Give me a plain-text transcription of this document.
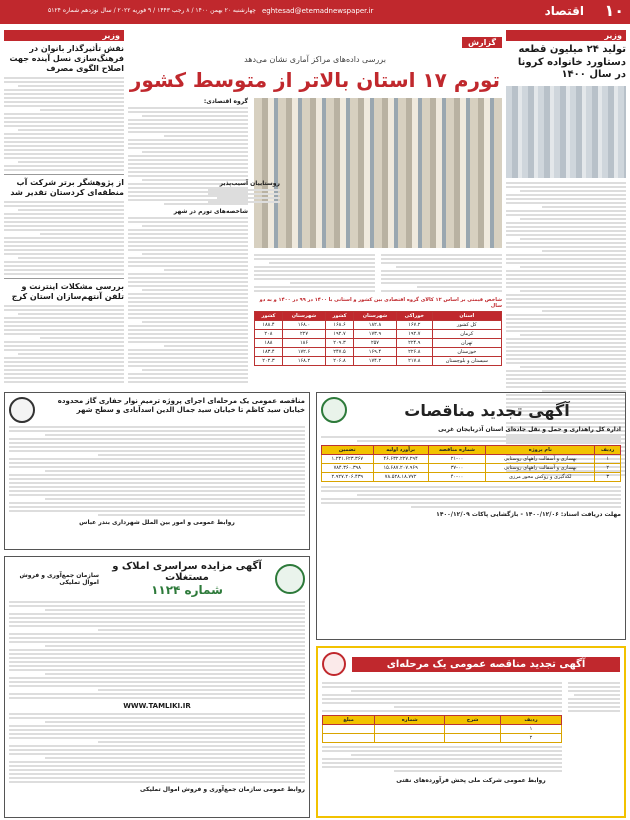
۱۰
اقتصاد
eghtesad@etemadnewspaper.ir
چهارشنبه ۲۰ بهمن ۱۴۰۰ / ۸ رجب ۱۴۴۳ / ۹ فوریه ۲۰۲۲ / سال نوزدهم شماره ۵۱۲۴
وزیر
تولید ۲۴ میلیون قطعه دستاورد خانواده کرونا در سال ۱۴۰۰
گزارش
بررسی داده‌های مراکز آماری نشان می‌دهد
تورم ۱۷ استان بالاتر از متوسط کشور
گروه اقتصادی:
شاخصه‌های تورم در شهر
شاخص قیمتی بر اساس ۱۲ کالای گروه اقتصادی بین کشور و استانی با ۱۴۰۰ در ۹۹ در ۱۴۰۰ و به دو سال
استان	خوراکی	شهرستان	کشور	شهرستان	کشور
کل کشور	۱۶۷.۲	۱۸۲.۸	۱۶۸.۶	۱۶۸.۰	۱۸۸.۴
کرمان	۱۹۲.۷	۱۷۳.۹	۱۹۲.۷	۲۲۷	۲۰۸
تهران	۲۲۴.۹	۲۵۷	۲۰۹.۳	۱۸۶	۱۸۸
خوزستان	۲۲۶.۸	۱۶۹.۴	۲۴۷.۵	۱۷۲.۶	۱۸۳.۴
سیستان و بلوچستان	۲۱۷.۸	۱۷۴.۲	۲۰۶.۸	۱۶۸.۲	۲۰۲.۳
روستاییان آسیب‌پذیر
وزیر
نقش تأثیرگذار بانوان در فرهنگ‌سازی نسل آینده جهت اصلاح الگوی مصرف
از پژوهشگر برتر شرکت آب منطقه‌ای کردستان تقدیر شد
بررسی مشکلات اینترنت و تلفن آنتهم‌سازان استان کرج
آگهی تجدید مناقصات
اداره کل راهداری و حمل و نقل جاده‌ای استان آذربایجان غربی
ردیف	نام پروژه	شماره مناقصه	برآورد اولیه	تضمین
۱	بهسازی و آسفالت راههای روستایی	۲۱-۰۰	۴۶.۶۳۲.۲۲۷.۲۹۴	۱.۲۳۱.۶۲۳.۳۶۷
۲	بهسازی و آسفالت راههای روستایی	۳۷-۰۰	۱۵.۶۸۷.۲۰۷.۹۶۹	۷۸۴.۳۶۰.۳۹۸
۳	لکه‌گیری و روکش محور مرزی	۴۰-۰۰	۷۸.۵۲۸.۱۸.۷۷۲	۲.۹۲۷.۲۰۶.۴۳۹
مهلت دریافت اسناد: ۱۴۰۰/۱۲/۰۶ - بازگشایی پاکات ۱۴۰۰/۱۲/۰۹
مناقصه عمومی یک مرحله‌ای اجرای پروژه ترمیم نوار حفاری گاز محدوده خیابان سید کاظم تا خیابان سید جمال الدین اسدآبادی و سطح شهر
روابط عمومی و امور بین الملل شهرداری بندر عباس
سازمان جمع‌آوری و فروش اموال تملیکی
آگهی مزایده سراسری املاک و مستغلات
شماره ۱۱۲۴
WWW.TAMLIKI.IR
روابط عمومی سازمان جمع‌آوری و فروش اموال تملیکی
آگهی تجدید مناقصه عمومی یک مرحله‌ای
ردیف	شرح	شماره	مبلغ
۱			
۲			
روابط عمومی شرکت ملی پخش فرآورده‌های نفتی
